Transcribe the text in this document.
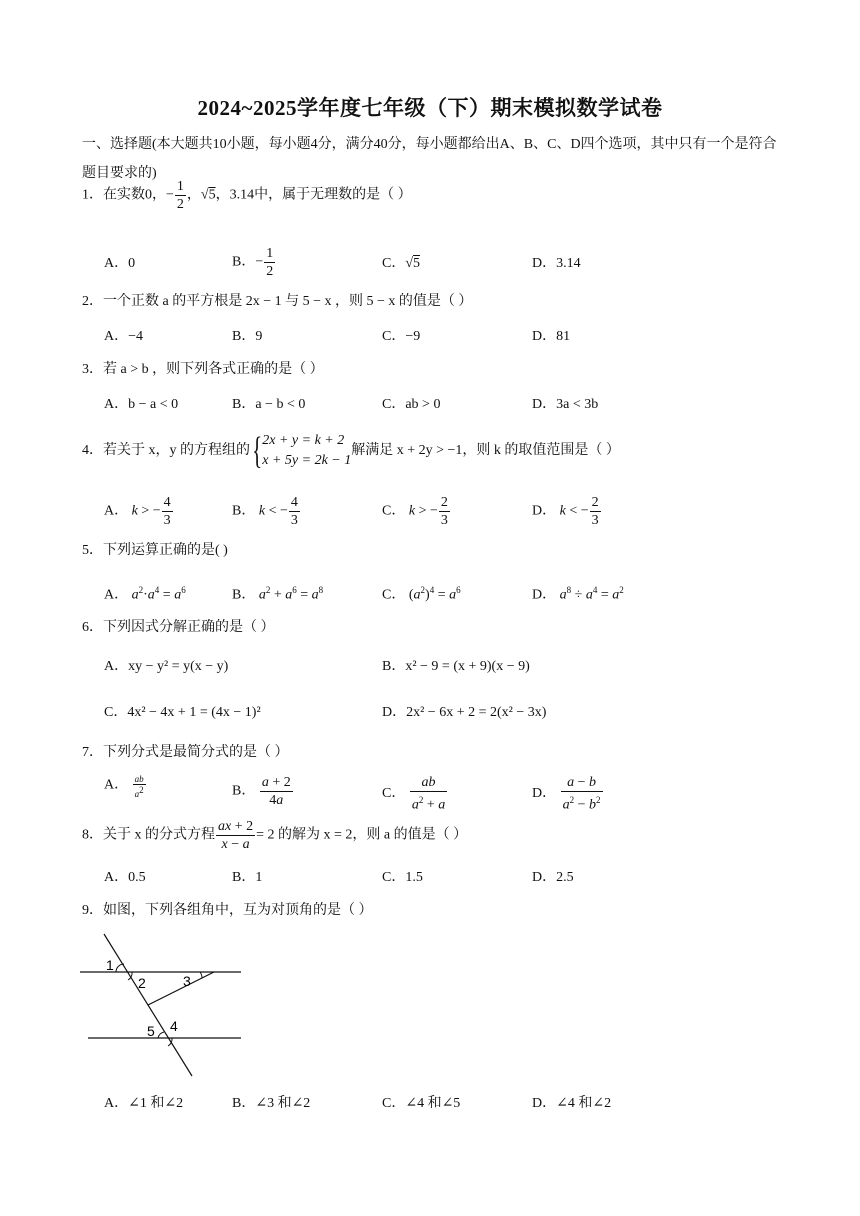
2024~2025学年度七年级（下）期末模拟数学试卷
一、选择题(本大题共10小题，每小题4分，满分40分，每小题都给出A、B、C、D四个选项，其中只有一个是符合题目要求的)
1．在实数0，− $\frac{1}{2}$ ，√5，3.14中，属于无理数的是（ ）
A．0	B．− $\frac{1}{2}$	C．√5	D．3.14
2．一个正数 a 的平方根是 2x − 1 与 5 − x ，则 5 − x 的值是（ ）
A．−4	B．9	C．−9	D．81
3．若 a > b ，则下列各式正确的是（ ）
A．b − a < 0	B．a − b < 0	C．ab > 0	D．3a < 3b
4．若关于 x，y 的方程组的{ 2x + y = k + 2
x + 5y = 2k − 1
解满足 x + 2y > −1，则 k 的取值范围是（ ）
A． k > − $\frac{4}{3}$	B． k < − $\frac{4}{3}$	C． k > − $\frac{2}{3}$	D． k < − $\frac{2}{3}$
5．下列运算正确的是( )
A． $a^2\cdot a^4 = a^6$	B． $a^2 + a^6 = a^8$	C． $(a^2)^4 = a^6$	D． $a^8 \div a^4 = a^2$
6．下列因式分解正确的是（ ）
A．xy − y² = y(x − y)	B．x² − 9 = (x + 9)(x − 9)
C．4x² − 4x + 1 = (4x − 1)²	D．2x² − 6x + 2 = 2(x² − 3x)
7．下列分式是最简分式的是（ ）
A． $\frac{ab}{a^2}$	B． $\frac{a + 2}{4a}$	C． $\frac{ab}{a^2 + a}$	D． $\frac{a - b}{a^2 - b^2}$
8．关于 x 的分式方程 $\frac{ax + 2}{x - a} = 2$ 的解为 x = 2，则 a 的值是（ ）
A．0.5	B．1	C．1.5	D．2.5
9．如图，下列各组角中，互为对顶角的是（ ）
1
2	3
4
5
A．∠1 和∠2	B．∠3 和∠2	C．∠4 和∠5	D．∠4 和∠2
